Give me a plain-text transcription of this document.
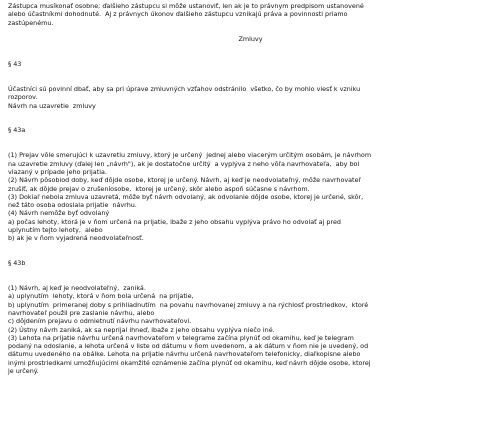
Zástupca musíkonať osobne; ďalšieho zástupcu si môže ustanoviť, len ak je to právnym predpisom ustanovené

alebo účastníkmi dohodnuté.  Aj z právnych úkonov ďalšieho zástupcu vznikajú práva a povinnosti priamo

zastúpenému.

Zmluvy

§ 43

Účastníci sú povinní dbať, aby sa pri úprave zmluvných vzťahov odstránilo  všetko, čo by mohlo viesť k vzniku

rozporov.

Návrh na uzavretie  zmluvy

§ 43a

(1) Prejav vôle smerujúci k uzavretiu zmluvy, ktorý je určený  jednej alebo viacerým určitým osobám, je návrhom

na uzavretie zmluvy (ďalej len „návrh"), ak je dostatočne určitý  a vyplýva z neho vôľa navrhovateľa,  aby bol

viazaný v prípade jeho prijatia.

(2) Návrh pôsobiod doby, keď dôjde osobe, ktorej je určený. Návrh, aj keď je neodvolateľný, môže navrhovateľ

zrušiť, ak dôjde prejav o zrušeníosobe,  ktorej je určený, skôr alebo aspoň súčasne s návrhom.

(3) Dokiaľ nebola zmluva uzavretá, môže byť návrh odvolaný, ak odvolanie dôjde osobe, ktorej je určené, skôr,

než táto osoba odoslala prijatie  návrhu.

(4) Návrh nemôže byť odvolaný

a) počas lehoty, ktorá je v ňom určená na prijatie, ibaže z jeho obsahu vyplýva právo ho odvolať aj pred

uplynutím tejto lehoty,  alebo

b) ak je v ňom vyjadrená neodvolateľnosť.

§ 43b

(1) Návrh, aj keď je neodvolateľný,  zaniká.

a) uplynutím  lehoty, ktorá v ňom bola určená  na prijatie,

b) uplynutím  primeranej doby s prihliadnutím  na povahu navrhovanej zmluvy a na rýchlosť prostriedkov,  ktoré

navrhovateľ použil pre zaslanie návrhu, alebo

c) dôjdením prejavu o odmietnutí návrhu navrhovateľovi.

(2) Ústny návrh zaniká, ak sa neprijal ihneď, ibaže z jeho obsahu vyplýva niečo iné.

(3) Lehota na prijatie návrhu určená navrhovateľom v telegrame začína plynúť od okamihu, keď je telegram

podaný na odoslanie, a lehota určená v liste od dátumu v ňom uvedenom, a ak dátum v ňom nie je uvedený, od

dátumu uvedeného na obálke. Lehota na prijatie návrhu určená navrhovateľom telefonicky, diaľkopisne alebo

inými prostriedkami umožňujúcimi okamžité oznámenie začína plynúť od okamihu, keď návrh dôjde osobe, ktorej

je určený.
